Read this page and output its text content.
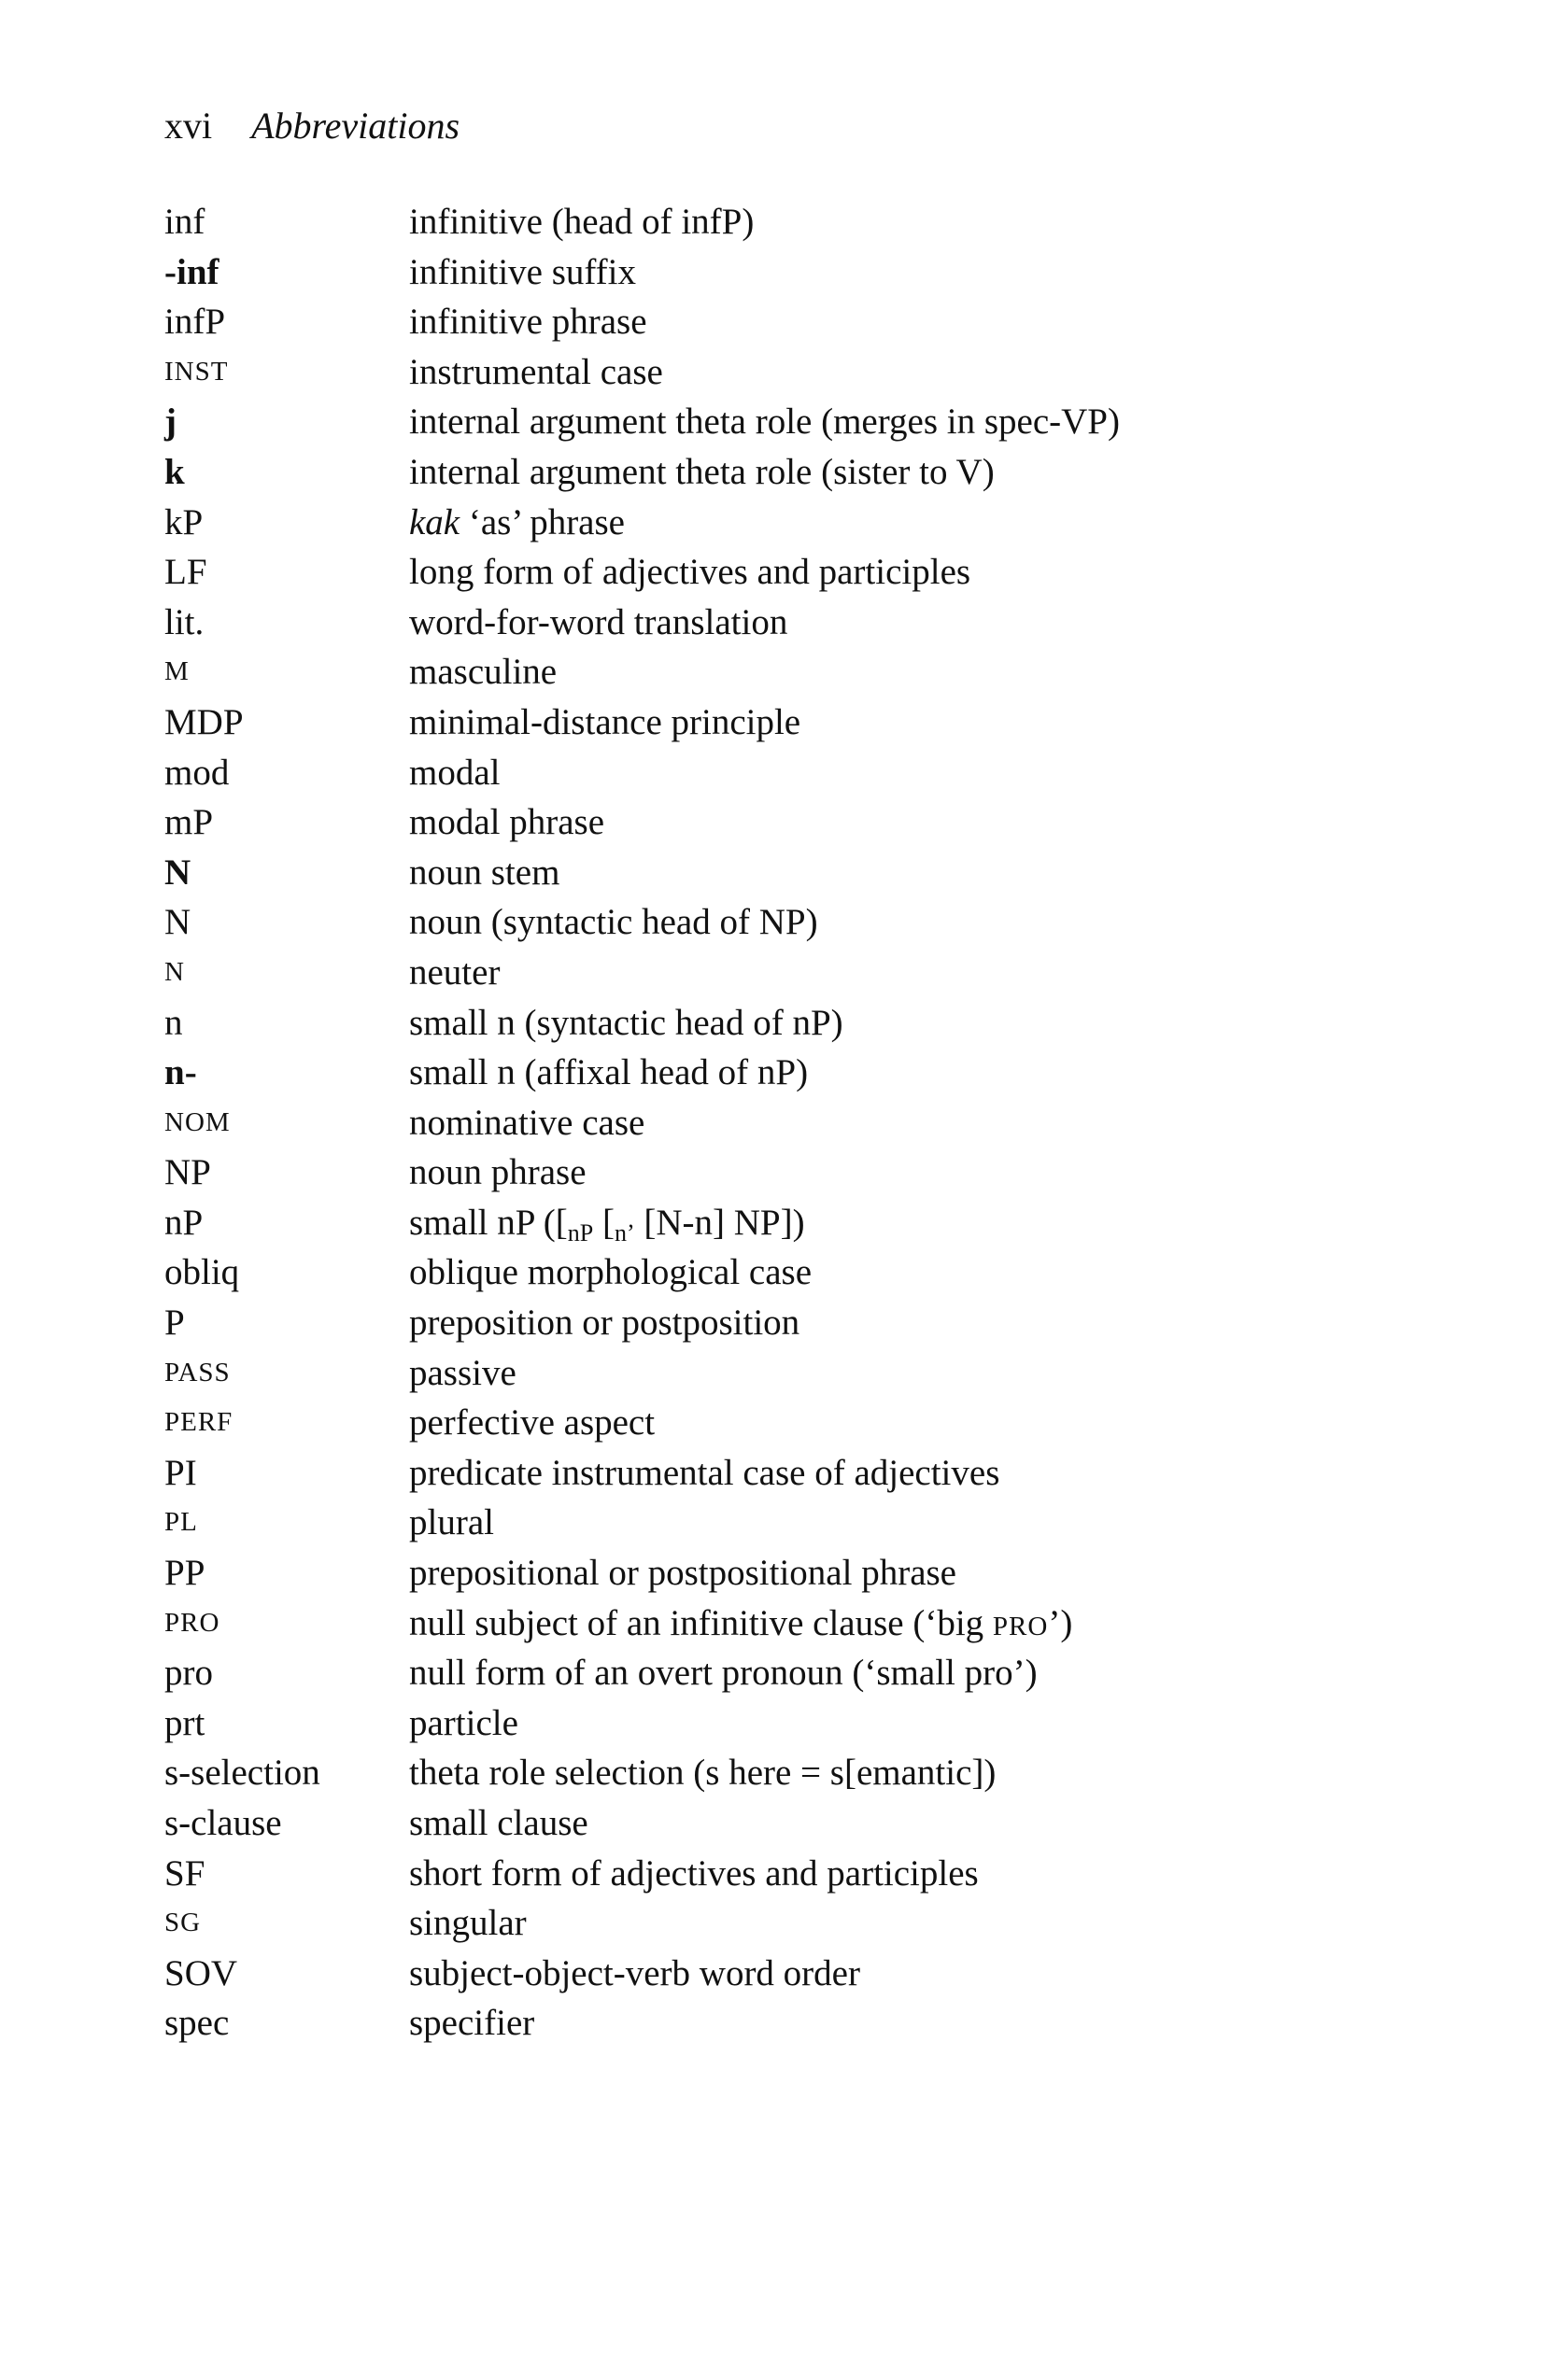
xvi Abbreviations
inf	infinitive (head of infP)
-inf	infinitive suffix
infP	infinitive phrase
INST	instrumental case
j	internal argument theta role (merges in spec-VP)
k	internal argument theta role (sister to V)
kP	kak ‘as’ phrase
LF	long form of adjectives and participles
lit.	word-for-word translation
M	masculine
MDP	minimal-distance principle
mod	modal
mP	modal phrase
N	noun stem
N	noun (syntactic head of NP)
N	neuter
n	small n (syntactic head of nP)
n-	small n (affixal head of nP)
NOM	nominative case
NP	noun phrase
nP	small nP ([nP [n’ [N-n] NP])
obliq	oblique morphological case
P	preposition or postposition
PASS	passive
PERF	perfective aspect
PI	predicate instrumental case of adjectives
PL	plural
PP	prepositional or postpositional phrase
PRO	null subject of an infinitive clause (‘big PRO’)
pro	null form of an overt pronoun (‘small pro’)
prt	particle
s-selection theta role selection (s here = s[emantic])
s-clause	small clause
SF	short form of adjectives and participles
SG	singular
SOV	subject-object-verb word order
spec	specifier
